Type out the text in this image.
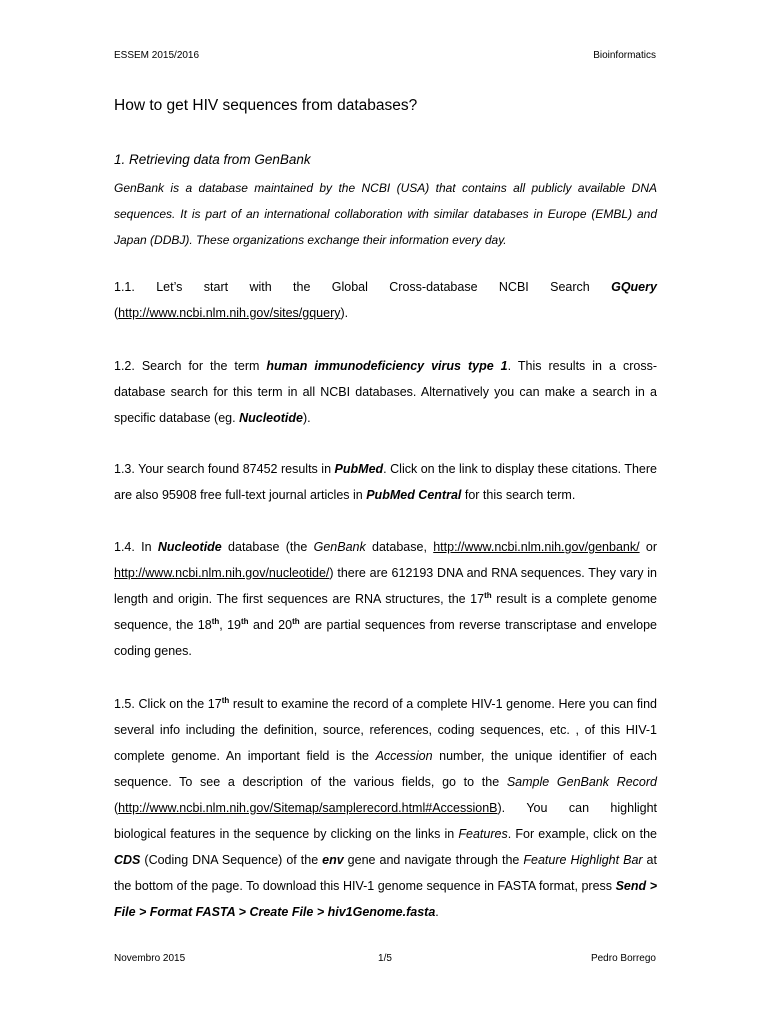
ESSEM 2015/2016	Bioinformatics
How to get HIV sequences from databases?
1. Retrieving data from GenBank

GenBank is a database maintained by the NCBI (USA) that contains all publicly available DNA sequences. It is part of an international collaboration with similar databases in Europe (EMBL) and Japan (DDBJ). These organizations exchange their information every day.

1.1. Let’s start with the Global Cross-database NCBI Search GQuery
(http://www.ncbi.nlm.nih.gov/sites/gquery).

1.2. Search for the term human immunodeficiency virus type 1. This results in a cross-database search for this term in all NCBI databases. Alternatively you can make a search in a specific database (eg. Nucleotide).

1.3. Your search found 87452 results in PubMed. Click on the link to display these citations. There are also 95908 free full-text journal articles in PubMed Central for this search term.

1.4. In Nucleotide database (the GenBank database, http://www.ncbi.nlm.nih.gov/genbank/ or http://www.ncbi.nlm.nih.gov/nucleotide/) there are 612193 DNA and RNA sequences. They vary in length and origin. The first sequences are RNA structures, the 17th result is a complete genome sequence, the 18th, 19th and 20th are partial sequences from reverse transcriptase and envelope coding genes.

1.5. Click on the 17th result to examine the record of a complete HIV-1 genome. Here you can find several info including the definition, source, references, coding sequences, etc. , of this HIV-1 complete genome. An important field is the Accession number, the unique identifier of each sequence. To see a description of the various fields, go to the Sample GenBank Record (http://www.ncbi.nlm.nih.gov/Sitemap/samplerecord.html#AccessionB). You can highlight biological features in the sequence by clicking on the links in Features. For example, click on the CDS (Coding DNA Sequence) of the env gene and navigate through the Feature Highlight Bar at the bottom of the page. To download this HIV-1 genome sequence in FASTA format, press Send > File > Format FASTA > Create File > hiv1Genome.fasta.

Novembro 2015	1/5	Pedro Borrego
